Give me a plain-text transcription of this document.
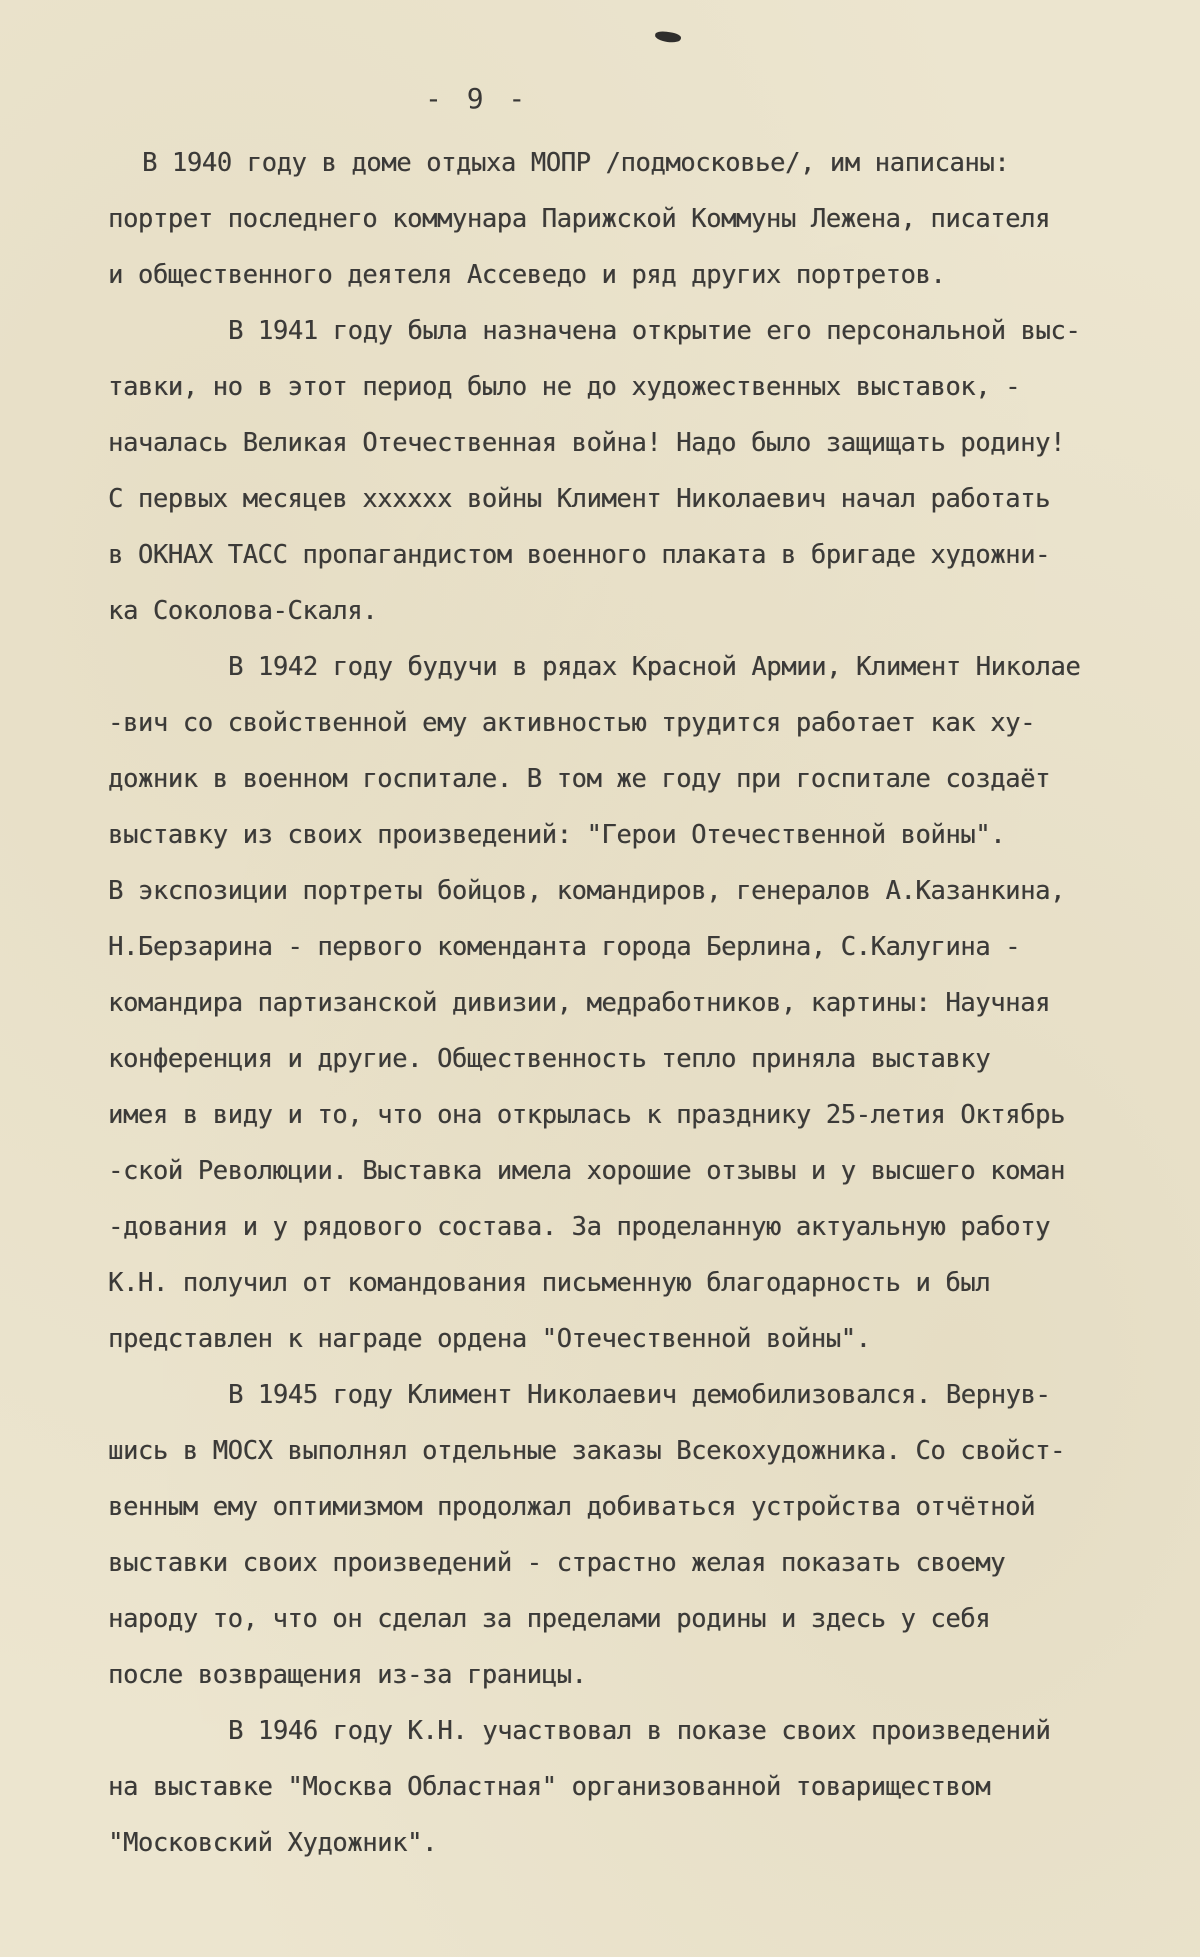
- 9 -
В 1940 году в доме отдыха МОПР /подмосковье/, им написаны:
портрет последнего коммунара Парижской Коммуны Лежена, писателя
и общественного деятеля Ассеведо и ряд других портретов.
В 1941 году была назначена открытие его персональной выс-
тавки, но в этот период было не до художественных выставок, -
началась Великая Отечественная война! Надо было защищать родину!
С первых месяцев хххххх войны Климент Николаевич начал работать
в ОКНАХ ТАСС пропагандистом военного плаката в бригаде художни-
ка Соколова-Скаля.
В 1942 году будучи в рядах Красной Армии, Климент Николае
-вич со свойственной ему активностью трудится работает как ху-
дожник в военном госпитале. В том же году при госпитале создаёт
выставку из своих произведений: "Герои Отечественной войны".
В экспозиции портреты бойцов, командиров, генералов А.Казанкина,
Н.Берзарина - первого коменданта города Берлина, С.Калугина -
командира партизанской дивизии, медработников, картины: Научная
конференция и другие. Общественность тепло приняла выставку
имея в виду и то, что она открылась к празднику 25-летия Октябрь
-ской Революции. Выставка имела хорошие отзывы и у высшего коман
-дования и у рядового состава. За проделанную актуальную работу
К.Н. получил от командования письменную благодарность и был
представлен к награде ордена "Отечественной войны".
В 1945 году Климент Николаевич демобилизовался. Вернув-
шись в МОСХ выполнял отдельные заказы Всекохудожника. Со свойст-
венным ему оптимизмом продолжал добиваться устройства отчётной
выставки своих произведений - страстно желая показать своему
народу то, что он сделал за пределами родины и здесь у себя
после возвращения из-за границы.
В 1946 году К.Н. участвовал в показе своих произведений
на выставке "Москва Областная" организованной товариществом
"Московский Художник".
